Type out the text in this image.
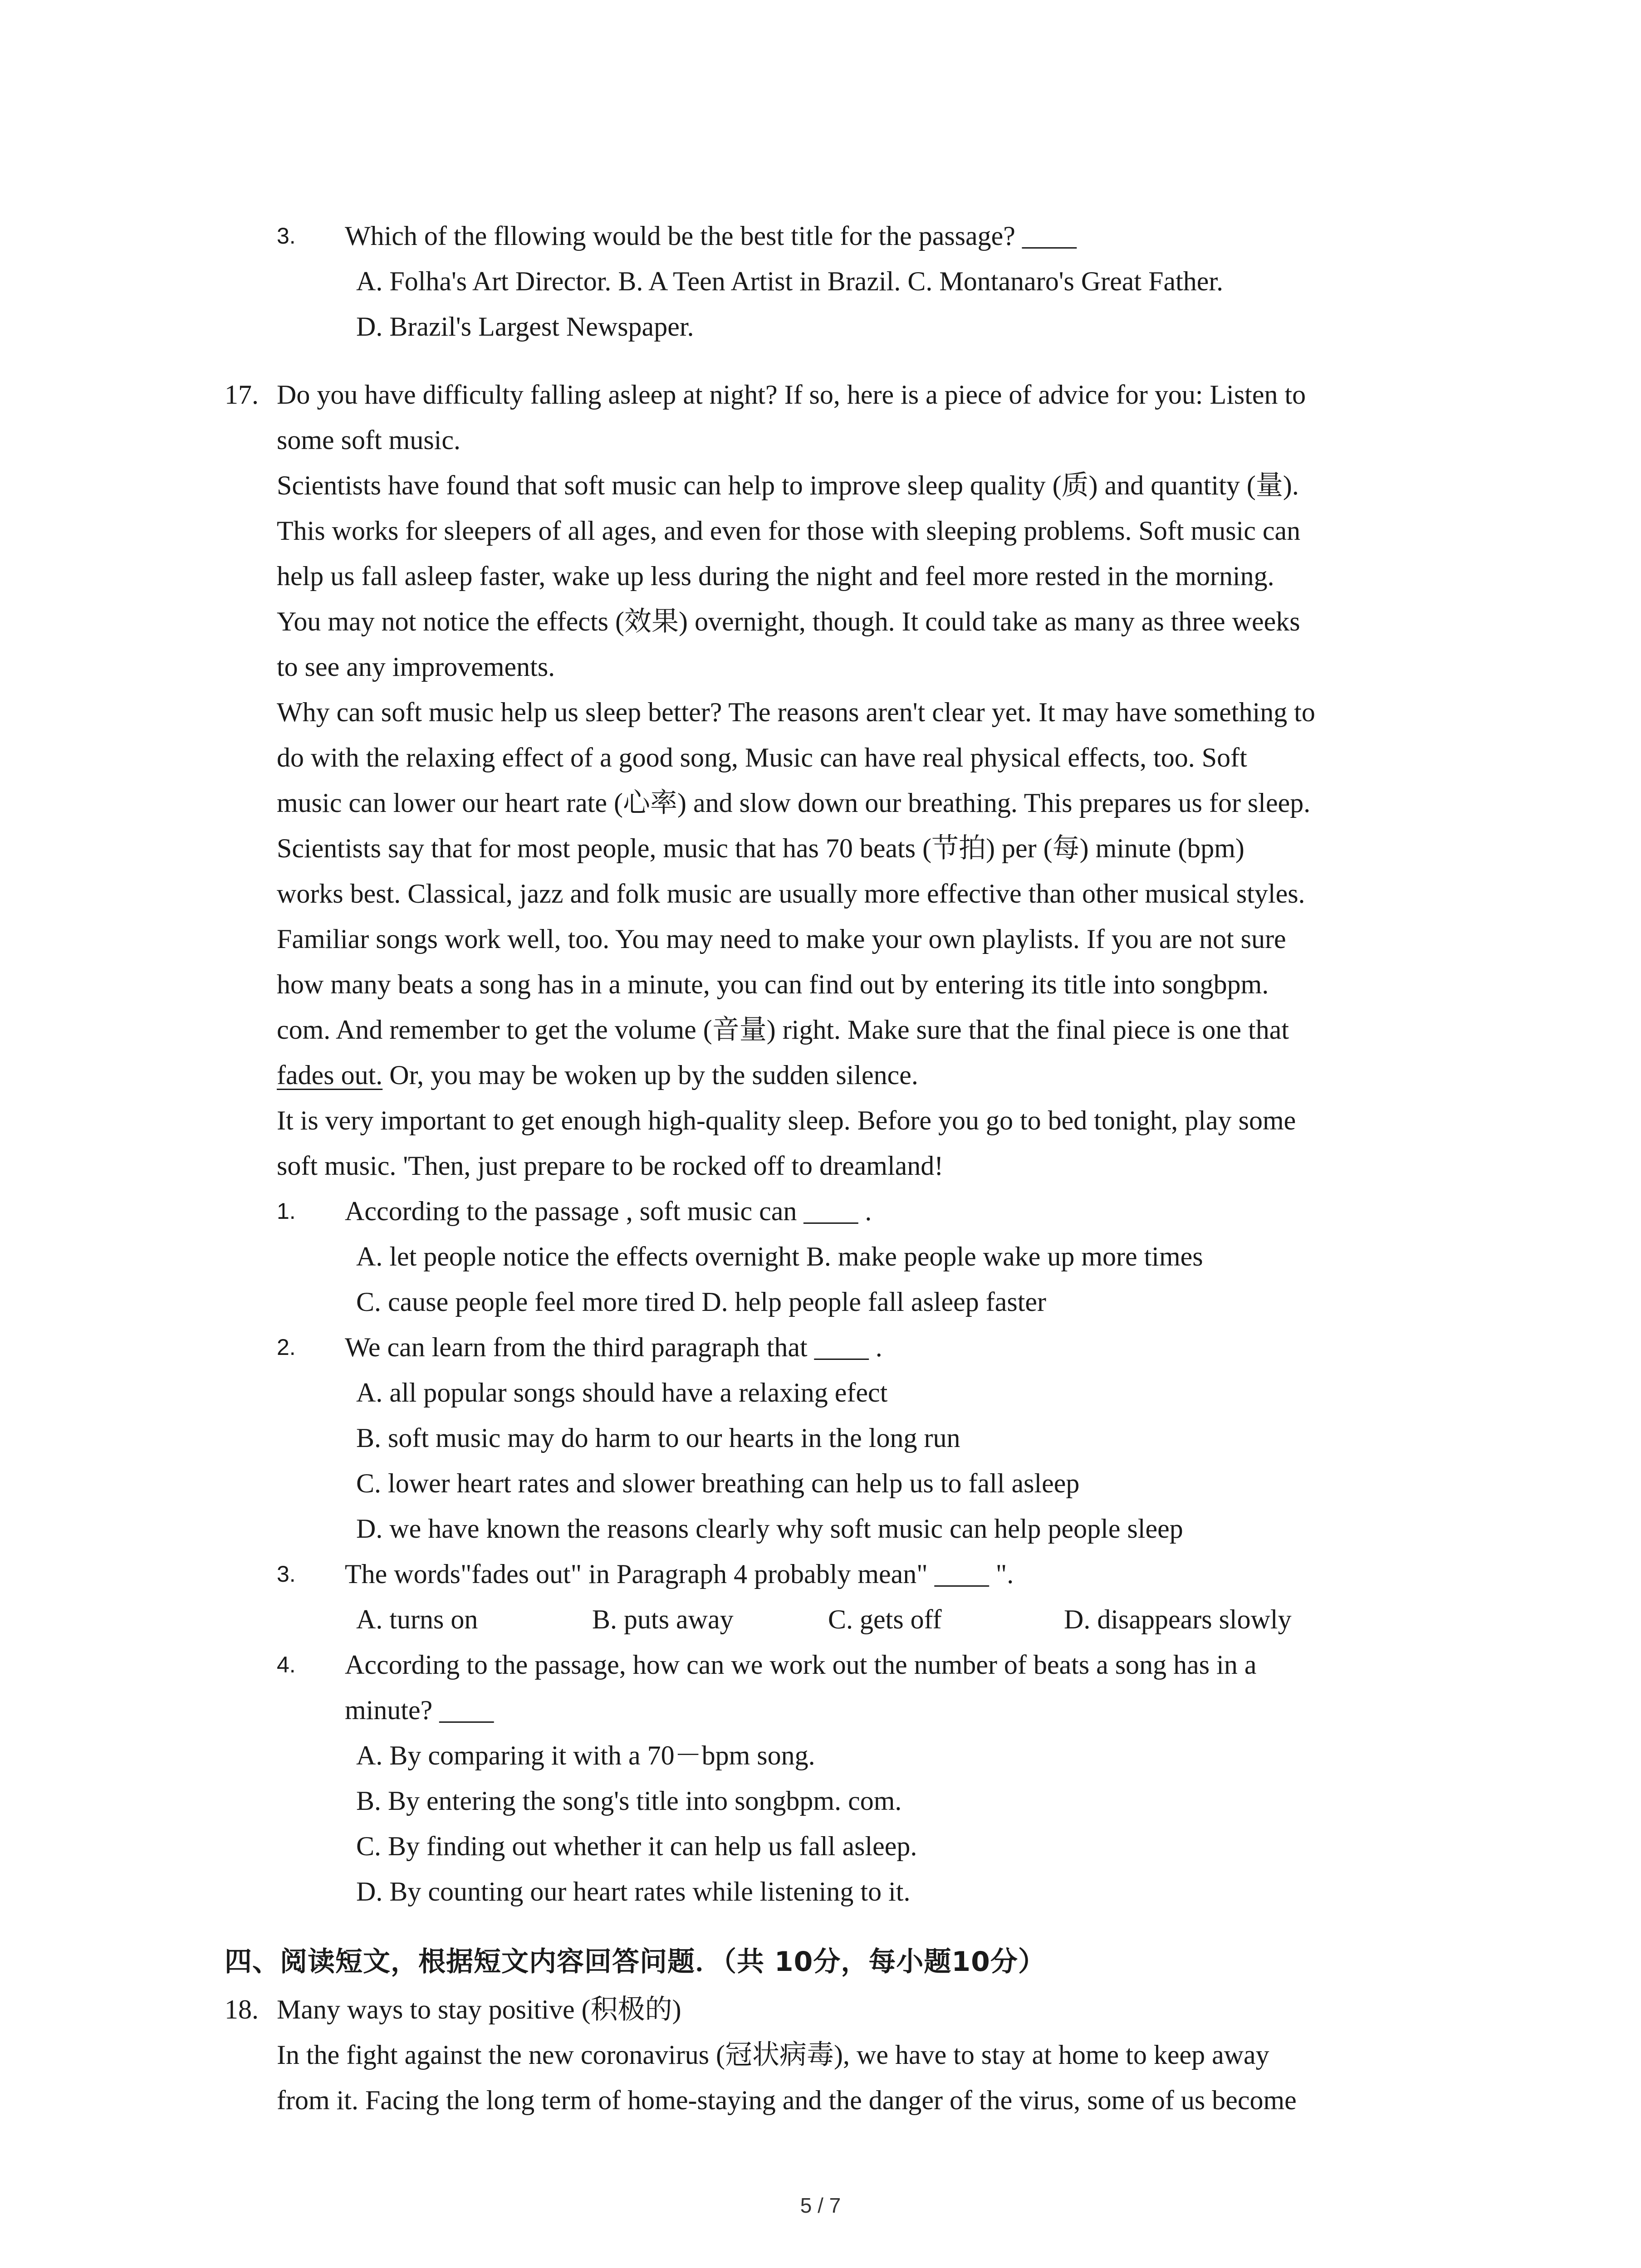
3. Which of the fllowing would be the best title for the passage? ____
A. Folha's Art Director. B. A Teen Artist in Brazil. C. Montanaro's Great Father.
D. Brazil's Largest Newspaper.
17. Do you have difficulty falling asleep at night? If so, here is a piece of advice for you: Listen to
some soft music.
Scientists have found that soft music can help to improve sleep quality (质) and quantity (量).
This works for sleepers of all ages, and even for those with sleeping problems. Soft music can
help us fall asleep faster, wake up less during the night and feel more rested in the morning.
You may not notice the effects (效果) overnight, though. It could take as many as three weeks
to see any improvements.
Why can soft music help us sleep better? The reasons aren't clear yet. It may have something to
do with the relaxing effect of a good song, Music can have real physical effects, too. Soft
music can lower our heart rate (心率) and slow down our breathing. This prepares us for sleep.
Scientists say that for most people, music that has 70 beats (节拍) per (每) minute (bpm)
works best. Classical, jazz and folk music are usually more effective than other musical styles.
Familiar songs work well, too. You may need to make your own playlists. If you are not sure
how many beats a song has in a minute, you can find out by entering its title into songbpm.
com. And remember to get the volume (音量) right. Make sure that the final piece is one that
fades out. Or, you may be woken up by the sudden silence.
It is very important to get enough high-quality sleep. Before you go to bed tonight, play some
soft music. 'Then, just prepare to be rocked off to dreamland!
1. According to the passage , soft music can ____ .
A. let people notice the effects overnight B. make people wake up more times
C. cause people feel more tired D. help people fall asleep faster
2. We can learn from the third paragraph that ____ .
A. all popular songs should have a relaxing efect
B. soft music may do harm to our hearts in the long run
C. lower heart rates and slower breathing can help us to fall asleep
D. we have known the reasons clearly why soft music can help people sleep
3. The words"fades out" in Paragraph 4 probably mean" ____ ".
A. turns on	B. puts away	C. gets off	D. disappears slowly
4. According to the passage, how can we work out the number of beats a song has in a
minute? ____
A. By comparing it with a 70－bpm song.
B. By entering the song's title into songbpm. com.
C. By finding out whether it can help us fall asleep.
D. By counting our heart rates while listening to it.
四、阅读短文，根据短文内容回答问题．（共 10分，每小题10分）
18. Many ways to stay positive (积极的)
In the fight against the new coronavirus (冠状病毒), we have to stay at home to keep away
from it. Facing the long term of home-staying and the danger of the virus, some of us become
5 / 7
